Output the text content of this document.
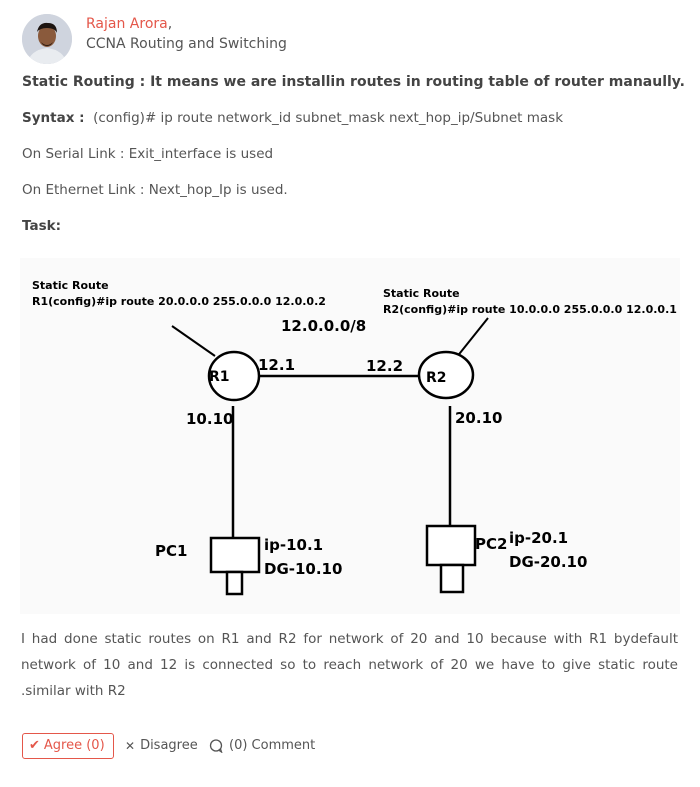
Rajan Arora,
CCNA Routing and Switching
Static Routing : It means we are installin routes in routing table of router manaully.
Syntax : (config)# ip route network_id subnet_mask next_hop_ip/Subnet mask
On Serial Link : Exit_interface is used
On Ethernet Link : Next_hop_Ip is used.
Task:
Static Route
R1(config)#ip route 20.0.0.0 255.0.0.0 12.0.0.2
Static Route
R2(config)#ip route 10.0.0.0 255.0.0.0 12.0.0.1
12.0.0.0/8
R1	R2
12.1	12.2
10.10	20.10
PC1	ip-10.1
DG-10.10
PC2 ip-20.1
DG-20.10
I had done static routes on R1 and R2 for network of 20 and 10 because with R1 bydefault network of 10 and 12 is connected so to reach network of 20 we have to give static route .similar with R2
✔ Agree (0) ✕ Disagree (0) Comment
